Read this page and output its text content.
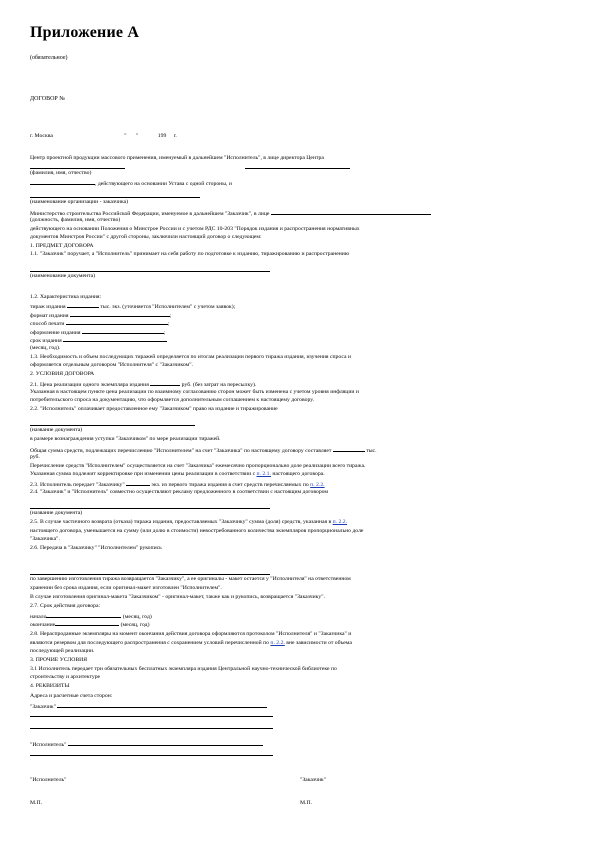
Приложение А
(обязательное)
ДОГОВОР №
г. Москва	" "	199 г.
Центр проектной продукции массового применения, именуемый в дальнейшем "Исполнитель", в лице директора Центра
(фамилия, имя, отчество)
, действующего на основании Устава с одной стороны, и
(наименование организации - заказчика)
Министерство строительства Российской Федерации, именуемое в дальнейшем "Заказчик", в лице
(должность, фамилия, имя, отчество)
действующего на основании Положения о Минстрое России и с учетом РДС 10-203 "Порядок издания и распространения нормативных
документов Минстроя России" с другой стороны, заключили настоящий договор о следующем:
1. ПРЕДМЕТ ДОГОВОРА
1.1. "Заказчик" поручает, а "Исполнитель" принимает на себя работу по подготовке к изданию, тиражированию и распространению
(наименование документа)
1.2. Характеристика издания:
тираж издания	тыс. экз. (уточняется "Исполнителем" с учетом заявок);
формат издания	;
способ печати	;
оформление издания	;
срок издания
(месяц, год).
1.3. Необходимость и объем последующих тиражей определяется по итогам реализации первого тиража издания, изучения спроса и
оформляется отдельным договором "Исполнителя" с "Заказчиком".
2. УСЛОВИЯ ДОГОВОРА
2.1. Цена реализации одного экземпляра издания	руб. (без затрат на пересылку).
Указанная в настоящем пункте цена реализации по взаимному согласованию сторон может быть изменена с учетом уровня инфляции и
потребительского спроса на документацию, что оформляется дополнительным соглашением к настоящему договору.
2.2. "Исполнитель" оплачивает предоставленное ему "Заказчиком" право на издание и тиражирование
(название документа)
в размере вознаграждения уступки "Заказчиком" по мере реализации тиражей.
Общая сумма средств, подлежащих перечислению "Исполнителем" на счет "Заказчика" по настоящему договору составляет	тыс.
руб.
Перечисление средств "Исполнителем" осуществляется на счет "Заказчика" ежемесячно пропорционально доле реализации всего тиража.
Указанная сумма подлежит корректировке при изменении цены реализации в соответствии с п. 2.1. настоящего договора.
2.3. Исполнитель передает "Заказчику"	экз. из первого тиража издания в счет средств перечисляемых по п. 2.2.
2.4. "Заказчик" и "Исполнитель" совместно осуществляют рекламу предложенного в соответствии с настоящим договором
(название документа)
2.5. В случае частичного возврата (отказа) тиража издания, предоставляемых "Заказчику" сумма (доля) средств, указанная в п. 2.2.
настоящего договора, уменьшается на сумму (или долю в стоимости) невостребованного количества экземпляров пропорционально доле
"Заказчика".
2.6. Передача в "Заказчику" "Исполнителем" рукопись
по завершению изготовления тиража возвращается "Заказчику", а ее оригиналы - макет остается у "Исполнителя" на ответственном
хранении без срока издания, если оригинал-макет изготовлен "Исполнителем".
В случае изготовления оригинал-макета "Заказчиком" - оригинал-макет, также как и рукопись, возвращается "Заказчику".
2.7. Срок действия договора:
начало	(месяц, год)
окончание	(месяц, год)
2.8. Нераспроданные экземпляры на момент окончания действия договора оформляются протоколом "Исполнителя" и "Заказчика" и
являются резервом для последующего распространения с сохранением условий перечисленной по п. 2.2. вне зависимости от объема
последующей реализации.
3. ПРОЧИЕ УСЛОВИЯ
3.1 Исполнитель передает три обязательных бесплатных экземпляра издания Центральной научно-технической библиотеке по
строительству и архитектуре
4. РЕКВИЗИТЫ
Адреса и расчетные счета сторон:
"Заказчик"
"Исполнитель"
"Исполнитель"	"Заказчик"
М.П.	М.П.
